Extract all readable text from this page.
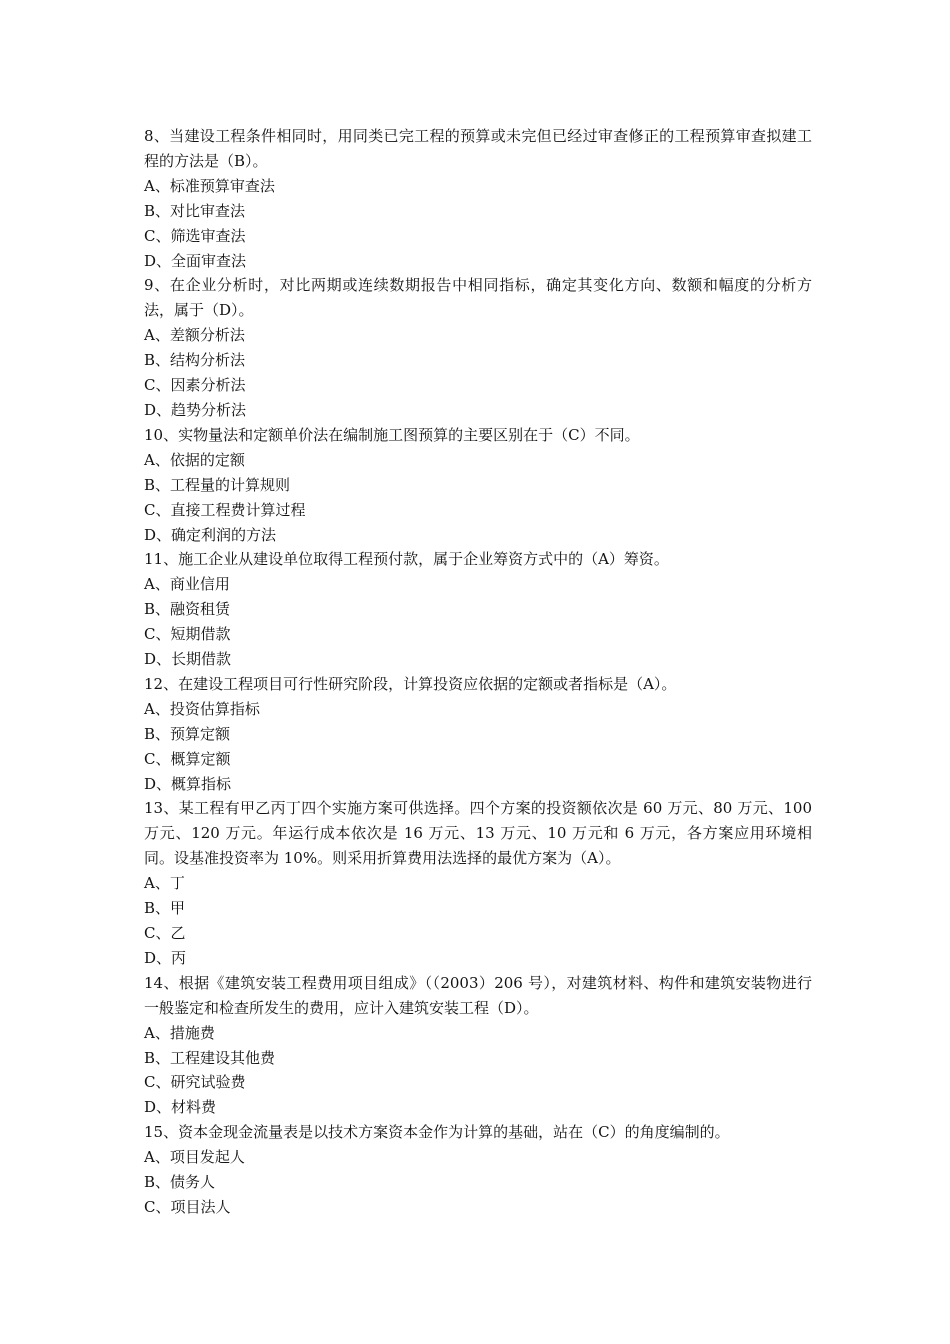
8、当建设工程条件相同时，用同类已完工程的预算或未完但已经过审查修正的工程预算审查拟建工程的方法是（B）。
A、标准预算审查法
B、对比审查法
C、筛选审查法
D、全面审查法
9、在企业分析时，对比两期或连续数期报告中相同指标，确定其变化方向、数额和幅度的分析方法，属于（D）。
A、差额分析法
B、结构分析法
C、因素分析法
D、趋势分析法
10、实物量法和定额单价法在编制施工图预算的主要区别在于（C）不同。
A、依据的定额
B、工程量的计算规则
C、直接工程费计算过程
D、确定利润的方法
11、施工企业从建设单位取得工程预付款，属于企业筹资方式中的（A）筹资。
A、商业信用
B、融资租赁
C、短期借款
D、长期借款
12、在建设工程项目可行性研究阶段，计算投资应依据的定额或者指标是（A）。
A、投资估算指标
B、预算定额
C、概算定额
D、概算指标
13、某工程有甲乙丙丁四个实施方案可供选择。四个方案的投资额依次是 60 万元、80 万元、100 万元、120 万元。年运行成本依次是 16 万元、13 万元、10 万元和 6 万元，各方案应用环境相同。设基准投资率为 10%。则采用折算费用法选择的最优方案为（A）。
A、丁
B、甲
C、乙
D、丙
14、根据《建筑安装工程费用项目组成》（（2003）206 号），对建筑材料、构件和建筑安装物进行一般鉴定和检查所发生的费用，应计入建筑安装工程（D）。
A、措施费
B、工程建设其他费
C、研究试验费
D、材料费
15、资本金现金流量表是以技术方案资本金作为计算的基础，站在（C）的角度编制的。
A、项目发起人
B、债务人
C、项目法人
